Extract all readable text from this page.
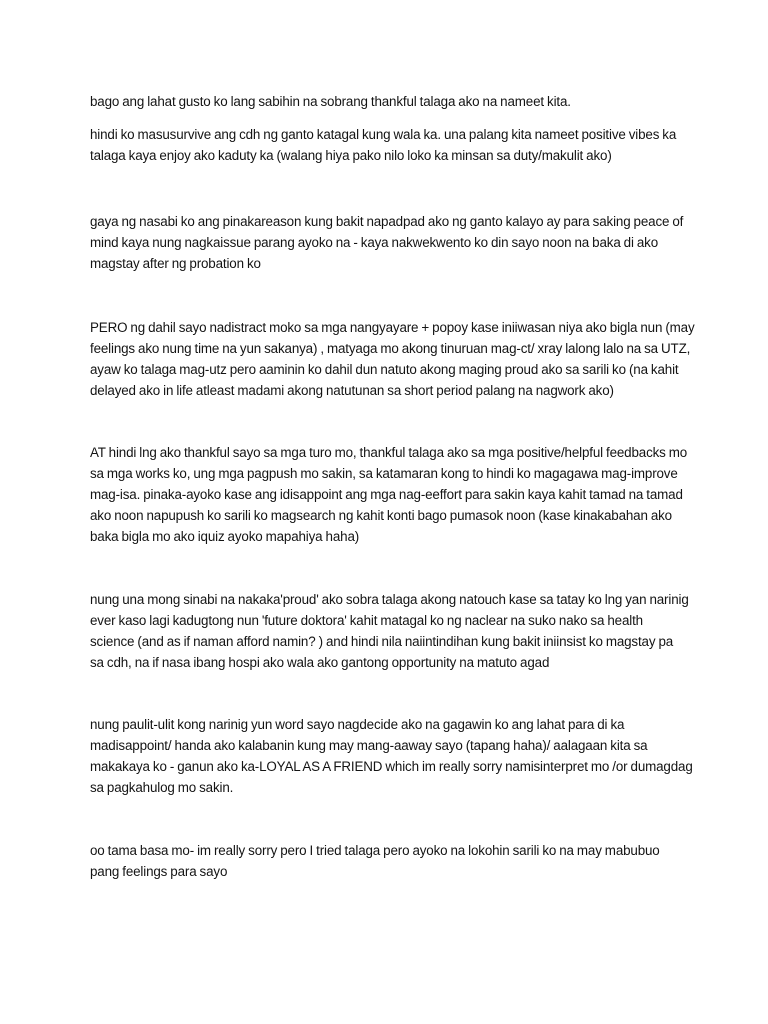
bago ang lahat gusto ko lang sabihin na sobrang thankful talaga ako na nameet kita.

hindi ko masusurvive ang cdh ng ganto katagal kung wala ka. una palang kita nameet positive vibes ka
talaga kaya enjoy ako kaduty ka (walang hiya pako nilo loko ka minsan sa duty/makulit ako)

gaya ng nasabi ko ang pinakareason kung bakit napadpad ako ng ganto kalayo ay para saking peace of
mind kaya nung nagkaissue parang ayoko na - kaya nakwekwento ko din sayo noon na baka di ako
magstay after ng probation ko

PERO ng dahil sayo nadistract moko sa mga nangyayare + popoy kase iniiwasan niya ako bigla nun (may
feelings ako nung time na yun sakanya) , matyaga mo akong tinuruan mag-ct/ xray lalong lalo na sa UTZ,
ayaw ko talaga mag-utz pero aaminin ko dahil dun natuto akong maging proud ako sa sarili ko (na kahit
delayed ako in life atleast madami akong natutunan sa short period palang na nagwork ako)

AT hindi lng ako thankful sayo sa mga turo mo, thankful talaga ako sa mga positive/helpful feedbacks mo
sa mga works ko, ung mga pagpush mo sakin, sa katamaran kong to hindi ko magagawa mag-improve
mag-isa. pinaka-ayoko kase ang idisappoint ang mga nag-eeffort para sakin kaya kahit tamad na tamad
ako noon napupush ko sarili ko magsearch ng kahit konti bago pumasok noon (kase kinakabahan ako
baka bigla mo ako iquiz ayoko mapahiya haha)

nung una mong sinabi na nakaka'proud' ako sobra talaga akong natouch kase sa tatay ko lng yan narinig
ever kaso lagi kadugtong nun 'future doktora' kahit matagal ko ng naclear na suko nako sa health
science (and as if naman afford namin? ) and hindi nila naiintindihan kung bakit iniinsist ko magstay pa
sa cdh, na if nasa ibang hospi ako wala ako gantong opportunity na matuto agad

nung paulit-ulit kong narinig yun word sayo nagdecide ako na gagawin ko ang lahat para di ka
madisappoint/ handa ako kalabanin kung may mang-aaway sayo (tapang haha)/ aalagaan kita sa
makakaya ko - ganun ako ka-LOYAL AS A FRIEND which im really sorry namisinterpret mo /or dumagdag
sa pagkahulog mo sakin.

oo tama basa mo- im really sorry pero I tried talaga pero ayoko na lokohin sarili ko na may mabubuo
pang feelings para sayo
